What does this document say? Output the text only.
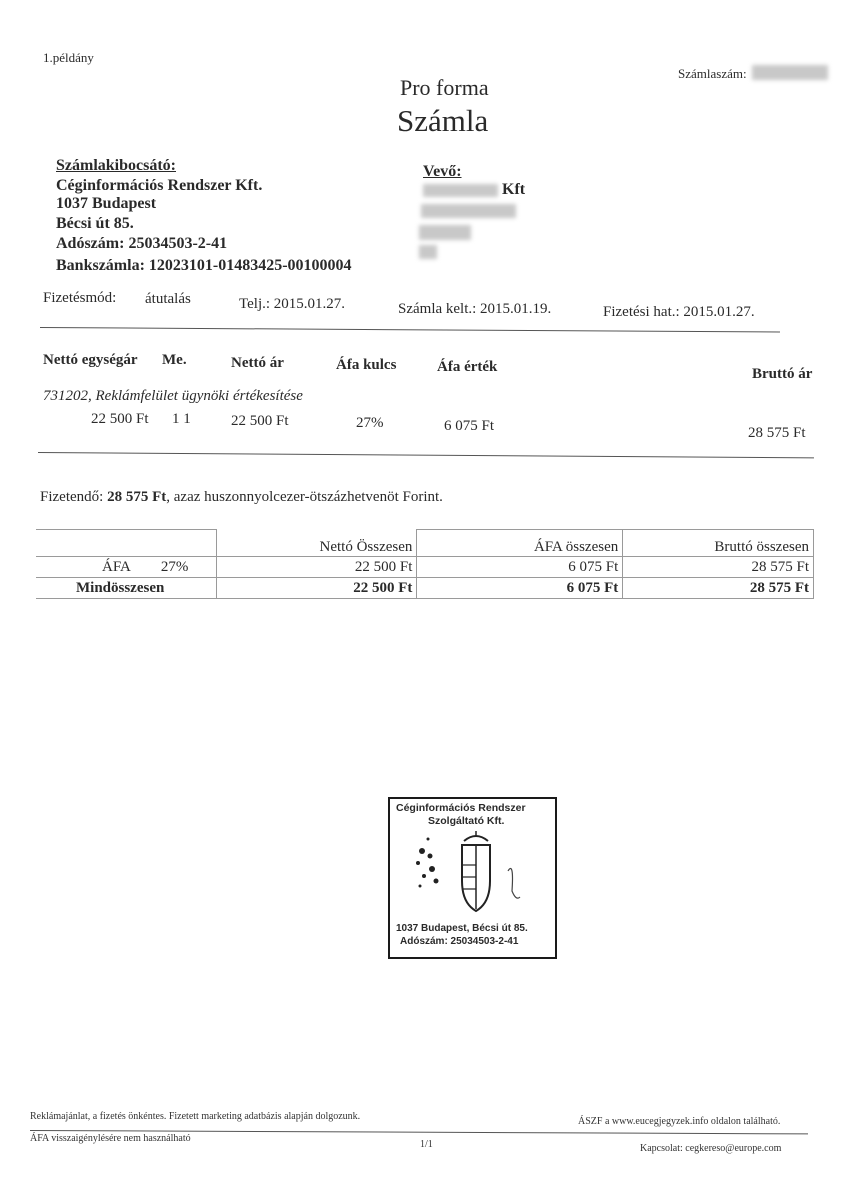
1.példány
Számlaszám:
Pro forma
Számla
Számlakibocsátó:
Céginformációs Rendszer Kft.
1037 Budapest
Bécsi út 85.
Adószám: 25034503-2-41
Bankszámla: 12023101-01483425-00100004
Vevő:
Kft
Fizetésmód: átutalás	Telj.: 2015.01.27.	Számla kelt.: 2015.01.19.	Fizetési hat.: 2015.01.27.
Nettó egységár Me.	Nettó ár	Áfa kulcs	Áfa érték	Bruttó ár
731202, Reklámfelület ügynöki értékesítése
22 500 Ft 1 1	22 500 Ft	27%	6 075 Ft	28 575 Ft
Fizetendő: 28 575 Ft, azaz huszonnyolcezer-ötszázhetvenöt Forint.
	Nettó Összesen	ÁFA összesen	Bruttó összesen
ÁFA 27%	22 500 Ft	6 075 Ft	28 575 Ft
Mindösszesen	22 500 Ft	6 075 Ft	28 575 Ft
Céginformációs Rendszer
Szolgáltató Kft.
1037 Budapest, Bécsi út 85.
Adószám: 25034503-2-41
Reklámajánlat, a fizetés önkéntes. Fizetett marketing adatbázis alapján dolgozunk.	ÁSZF a www.eucegjegyzek.info oldalon található.
ÁFA visszaigénylésére nem használható
1/1	Kapcsolat: cegkereso@europe.com
